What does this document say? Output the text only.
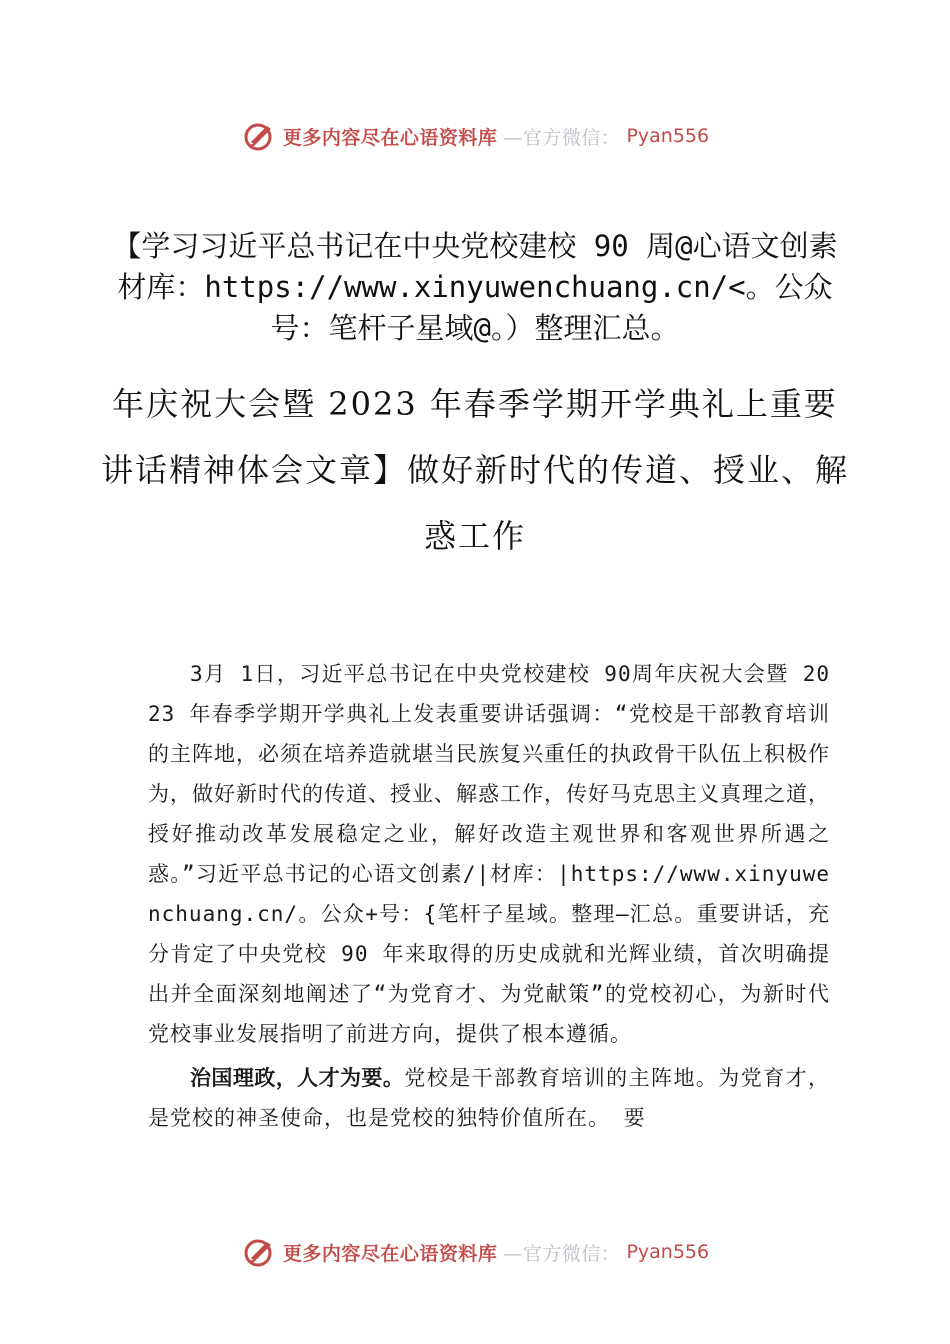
更多内容尽在心语资料库 —官方微信： Pyan556

【学习习近平总书记在中央党校建校 90 周@心语文创素材库：https://www.xinyuwenchuang.cn/<。公众号：笔杆子星域@。）整理汇总。

年庆祝大会暨 2023 年春季学期开学典礼上重要讲话精神体会文章】做好新时代的传道、授业、解惑工作

3月 1日，习近平总书记在中央党校建校 90周年庆祝大会暨 2023 年春季学期开学典礼上发表重要讲话强调：“党校是干部教育培训的主阵地，必须在培养造就堪当民族复兴重任的执政骨干队伍上积极作为，做好新时代的传道、授业、解惑工作，传好马克思主义真理之道，授好推动改革发展稳定之业，解好改造主观世界和客观世界所遇之惑。”习近平总书记的心语文创素/|材库：|https://www.xinyuwenchuang.cn/。公众+号：{笔杆子星域。整理—汇总。重要讲话，充分肯定了中央党校 90 年来取得的历史成就和光辉业绩，首次明确提出并全面深刻地阐述了“为党育才、为党献策”的党校初心，为新时代党校事业发展指明了前进方向，提供了根本遵循。

治国理政，人才为要。党校是干部教育培训的主阵地。为党育才，是党校的神圣使命，也是党校的独特价值所在。 要

更多内容尽在心语资料库 —官方微信： Pyan556
